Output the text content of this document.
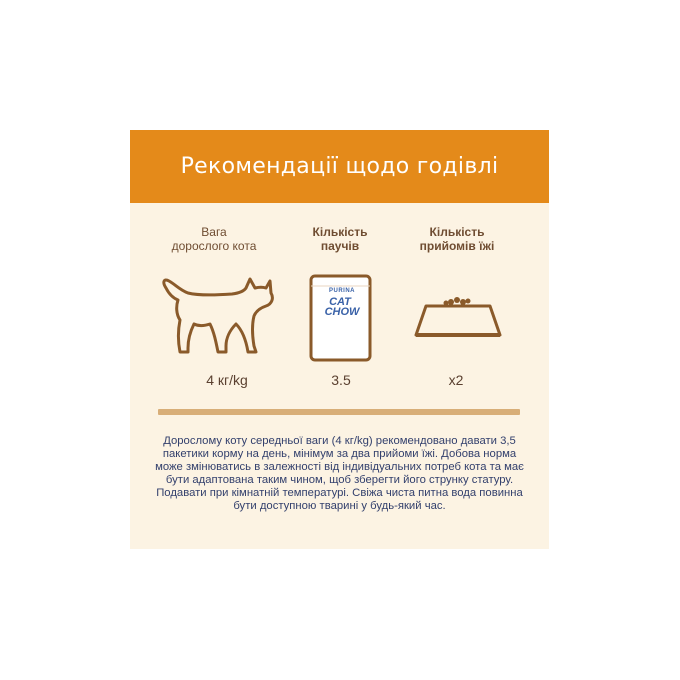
Рекомендації щодо годівлі
Вага
дорослого кота
4 кг/kg
Кількість
паучів
PURINA
CAT
CHOW
3.5
Кількість
прийомів їжі
x2
Дорослому коту середньої ваги (4 кг/kg) рекомендовано давати 3,5 пакетики корму на день, мінімум за два прийоми їжі. Добова норма може змінюватись в залежності від індивідуальних потреб кота та має бути адаптована таким чином, щоб зберегти його струнку статуру. Подавати при кімнатній температурі. Свіжа чиста питна вода повинна бути доступною тварині у будь-який час.
